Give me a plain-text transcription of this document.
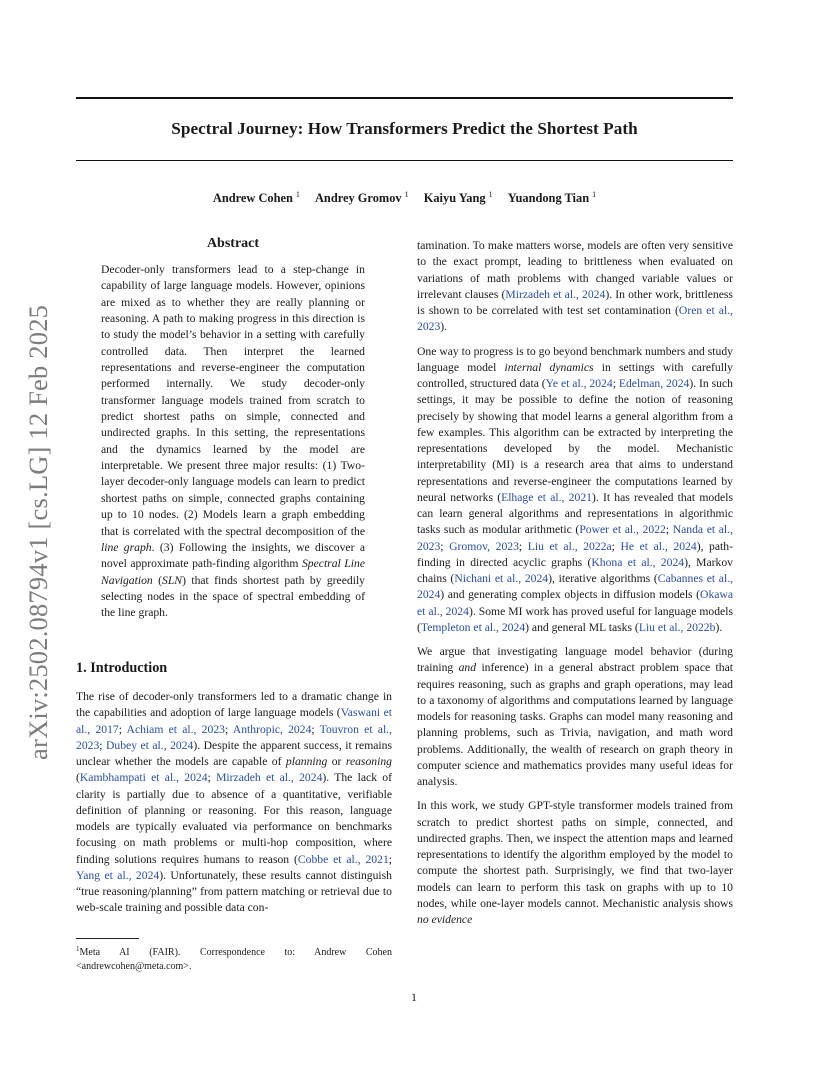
arXiv:2502.08794v1 [cs.LG] 12 Feb 2025
Spectral Journey: How Transformers Predict the Shortest Path
Andrew Cohen $^1$ Andrey Gromov $^1$ Kaiyu Yang $^1$ Yuandong Tian $^1$
Abstract
Decoder-only transformers lead to a step-change in capability of large language models. However, opinions are mixed as to whether they are really planning or reasoning. A path to making progress in this direction is to study the model’s behavior in a setting with carefully controlled data. Then interpret the learned representations and reverse-engineer the computation performed internally. We study decoder-only transformer language models trained from scratch to predict shortest paths on simple, connected and undirected graphs. In this setting, the representations and the dynamics learned by the model are interpretable. We present three major results: (1) Two-layer decoder-only language models can learn to predict shortest paths on simple, connected graphs containing up to 10 nodes. (2) Models learn a graph embedding that is correlated with the spectral decomposition of the line graph. (3) Following the insights, we discover a novel approximate path-finding algorithm Spectral Line Navigation (SLN) that finds shortest path by greedily selecting nodes in the space of spectral embedding of the line graph.
1. Introduction
The rise of decoder-only transformers led to a dramatic change in the capabilities and adoption of large language models (Vaswani et al., 2017; Achiam et al., 2023; Anthropic, 2024; Touvron et al., 2023; Dubey et al., 2024). Despite the apparent success, it remains unclear whether the models are capable of planning or reasoning (Kambhampati et al., 2024; Mirzadeh et al., 2024). The lack of clarity is partially due to absence of a quantitative, verifiable definition of planning or reasoning. For this reason, language models are typically evaluated via performance on benchmarks focusing on math problems or multi-hop composition, where finding solutions requires humans to reason (Cobbe et al., 2021; Yang et al., 2024). Unfortunately, these results cannot distinguish “true reasoning/planning” from pattern matching or retrieval due to web-scale training and possible data con-
$^1$Meta AI (FAIR). Correspondence to: Andrew Cohen <andrewcohen@meta.com>.

tamination. To make matters worse, models are often very sensitive to the exact prompt, leading to brittleness when evaluated on variations of math problems with changed variable values or irrelevant clauses (Mirzadeh et al., 2024). In other work, brittleness is shown to be correlated with test set contamination (Oren et al., 2023).

One way to progress is to go beyond benchmark numbers and study language model internal dynamics in settings with carefully controlled, structured data (Ye et al., 2024; Edelman, 2024). In such settings, it may be possible to define the notion of reasoning precisely by showing that model learns a general algorithm from a few examples. This algorithm can be extracted by interpreting the representations developed by the model. Mechanistic interpretability (MI) is a research area that aims to understand representations and reverse-engineer the computations learned by neural networks (Elhage et al., 2021). It has revealed that models can learn general algorithms and representations in algorithmic tasks such as modular arithmetic (Power et al., 2022; Nanda et al., 2023; Gromov, 2023; Liu et al., 2022a; He et al., 2024), path-finding in directed acyclic graphs (Khona et al., 2024), Markov chains (Nichani et al., 2024), iterative algorithms (Cabannes et al., 2024) and generating complex objects in diffusion models (Okawa et al., 2024). Some MI work has proved useful for language models (Templeton et al., 2024) and general ML tasks (Liu et al., 2022b).

We argue that investigating language model behavior (during training and inference) in a general abstract problem space that requires reasoning, such as graphs and graph operations, may lead to a taxonomy of algorithms and computations learned by language models for reasoning tasks. Graphs can model many reasoning and planning problems, such as Trivia, navigation, and math word problems. Additionally, the wealth of research on graph theory in computer science and mathematics provides many useful ideas for analysis.

In this work, we study GPT-style transformer models trained from scratch to predict shortest paths on simple, connected, and undirected graphs. Then, we inspect the attention maps and learned representations to identify the algorithm employed by the model to compute the shortest path. Surprisingly, we find that two-layer models can learn to perform this task on graphs with up to 10 nodes, while one-layer models cannot. Mechanistic analysis shows no evidence

1
